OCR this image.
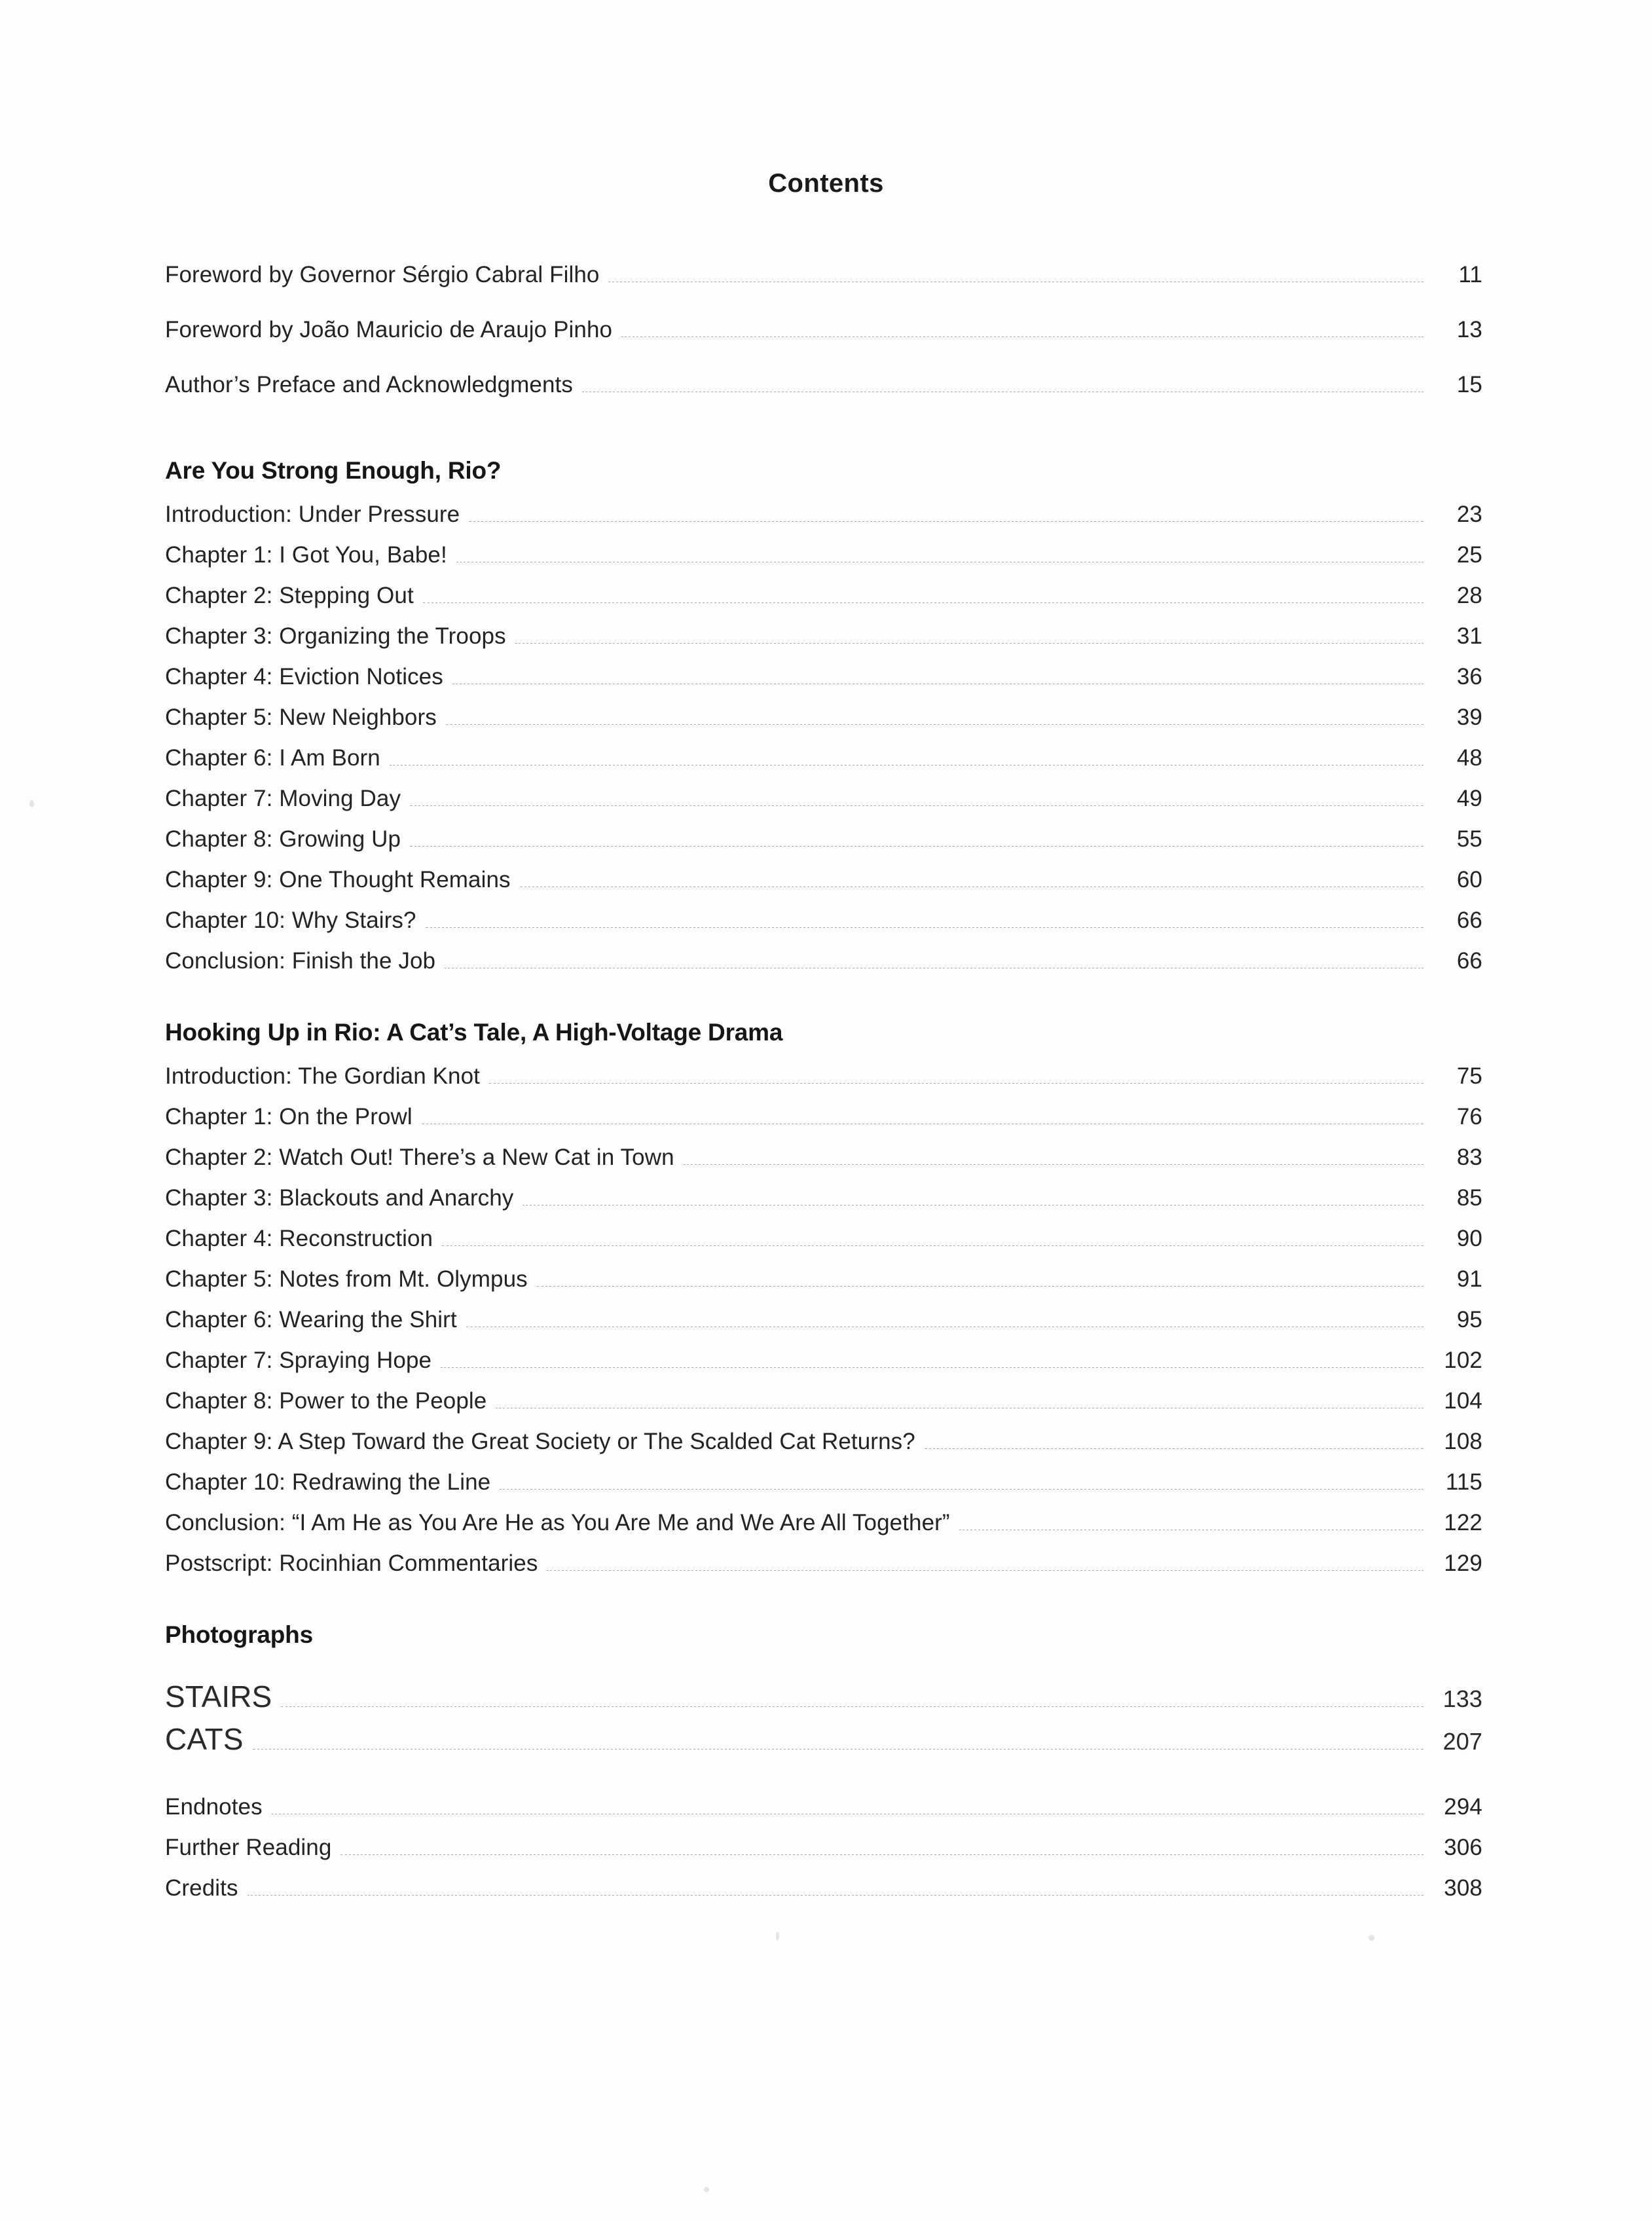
Contents
Foreword by Governor Sérgio Cabral Filho	11
Foreword by João Mauricio de Araujo Pinho	13
Author’s Preface and Acknowledgments	15
Are You Strong Enough, Rio?
Introduction: Under Pressure	23
Chapter 1: I Got You, Babe!	25
Chapter 2: Stepping Out	28
Chapter 3: Organizing the Troops	31
Chapter 4: Eviction Notices	36
Chapter 5: New Neighbors	39
Chapter 6: I Am Born	48
Chapter 7: Moving Day	49
Chapter 8: Growing Up	55
Chapter 9: One Thought Remains	60
Chapter 10: Why Stairs?	66
Conclusion: Finish the Job	66
Hooking Up in Rio: A Cat’s Tale, A High-Voltage Drama
Introduction: The Gordian Knot	75
Chapter 1: On the Prowl	76
Chapter 2: Watch Out! There’s a New Cat in Town	83
Chapter 3: Blackouts and Anarchy	85
Chapter 4: Reconstruction	90
Chapter 5: Notes from Mt. Olympus	91
Chapter 6: Wearing the Shirt	95
Chapter 7: Spraying Hope	102
Chapter 8: Power to the People	104
Chapter 9: A Step Toward the Great Society or The Scalded Cat Returns?	108
Chapter 10: Redrawing the Line	115
Conclusion: “I Am He as You Are He as You Are Me and We Are All Together”	122
Postscript: Rocinhian Commentaries	129
Photographs
STAIRS	133
CATS	207
Endnotes	294
Further Reading	306
Credits	308
